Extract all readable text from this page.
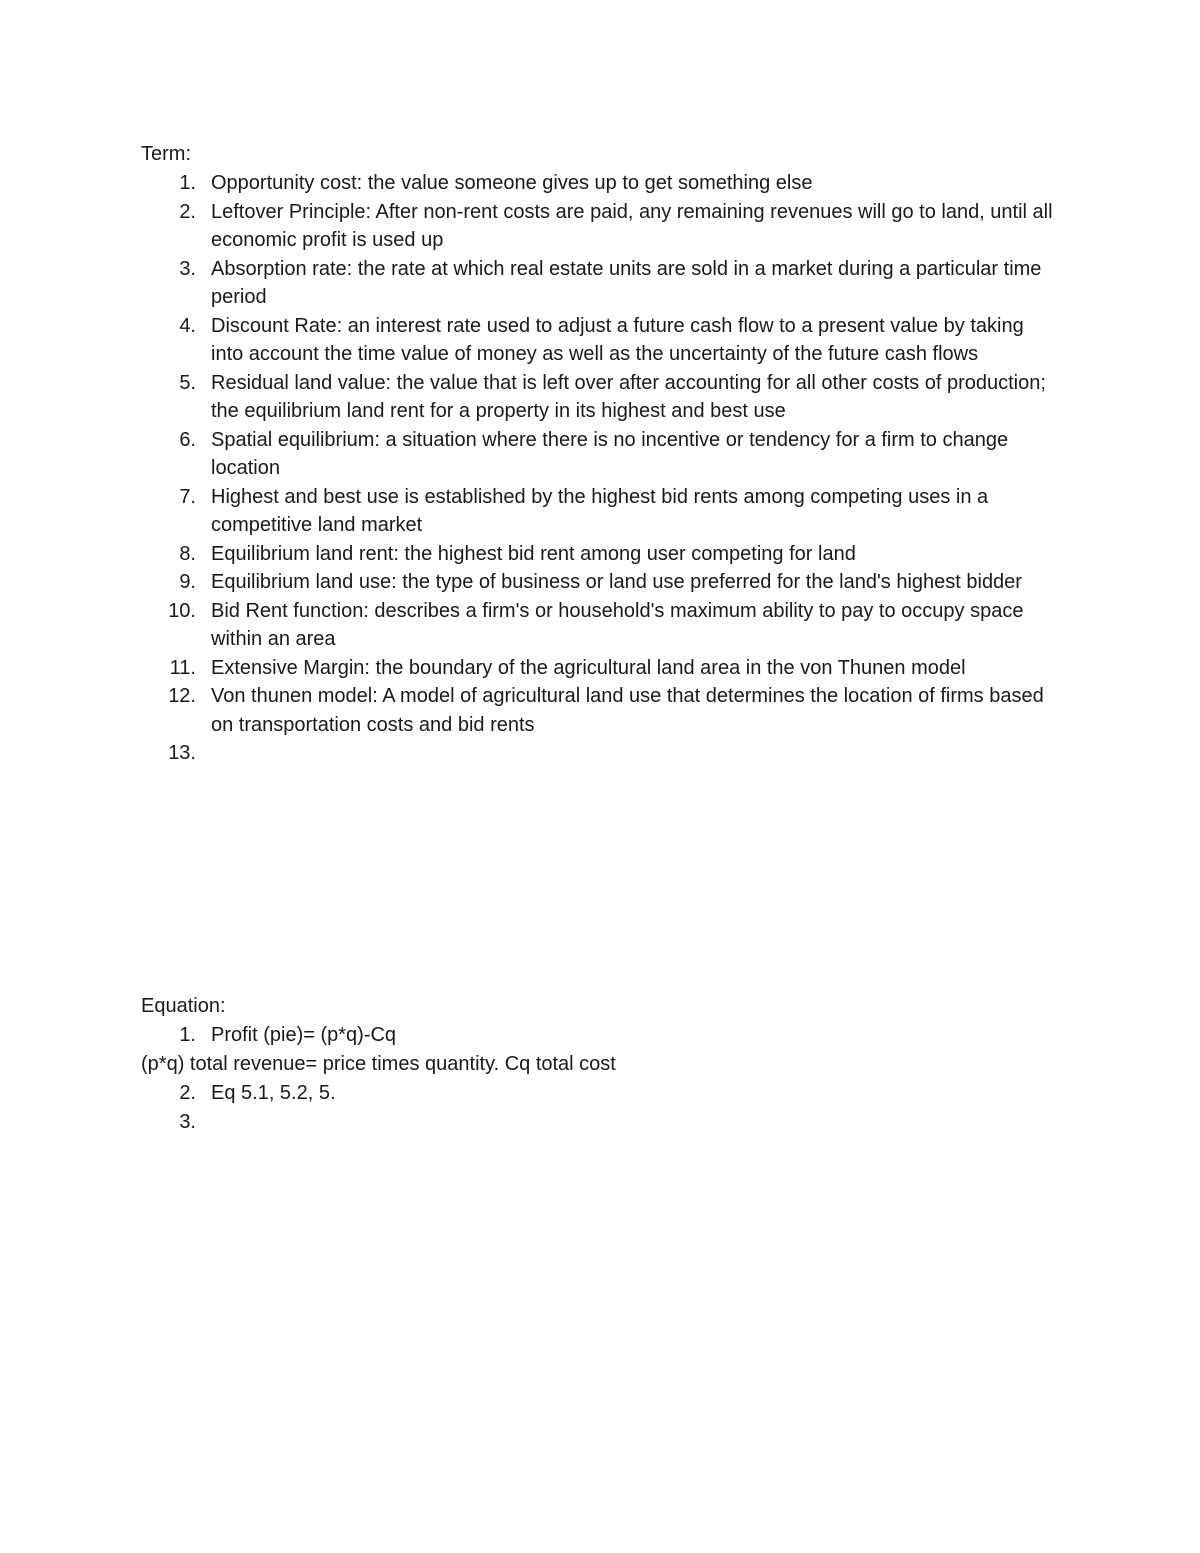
Term:

1. Opportunity cost: the value someone gives up to get something else
2. Leftover Principle: After non-rent costs are paid, any remaining revenues will go to land, until all economic profit is used up
3. Absorption rate: the rate at which real estate units are sold in a market during a particular time period
4. Discount Rate: an interest rate used to adjust a future cash flow to a present value by taking into account the time value of money as well as the uncertainty of the future cash flows
5. Residual land value: the value that is left over after accounting for all other costs of production; the equilibrium land rent for a property in its highest and best use
6. Spatial equilibrium: a situation where there is no incentive or tendency for a firm to change location
7. Highest and best use is established by the highest bid rents among competing uses in a competitive land market
8. Equilibrium land rent: the highest bid rent among user competing for land
9. Equilibrium land use: the type of business or land use preferred for the land's highest bidder
10. Bid Rent function: describes a firm's or household's maximum ability to pay to occupy space within an area
11. Extensive Margin: the boundary of the agricultural land area in the von Thunen model
12. Von thunen model: A model of agricultural land use that determines the location of firms based on transportation costs and bid rents
13.

Equation:

1. Profit (pie)= (p*q)-Cq

(p*q) total revenue= price times quantity. Cq total cost

2. Eq 5.1, 5.2, 5.
3.
